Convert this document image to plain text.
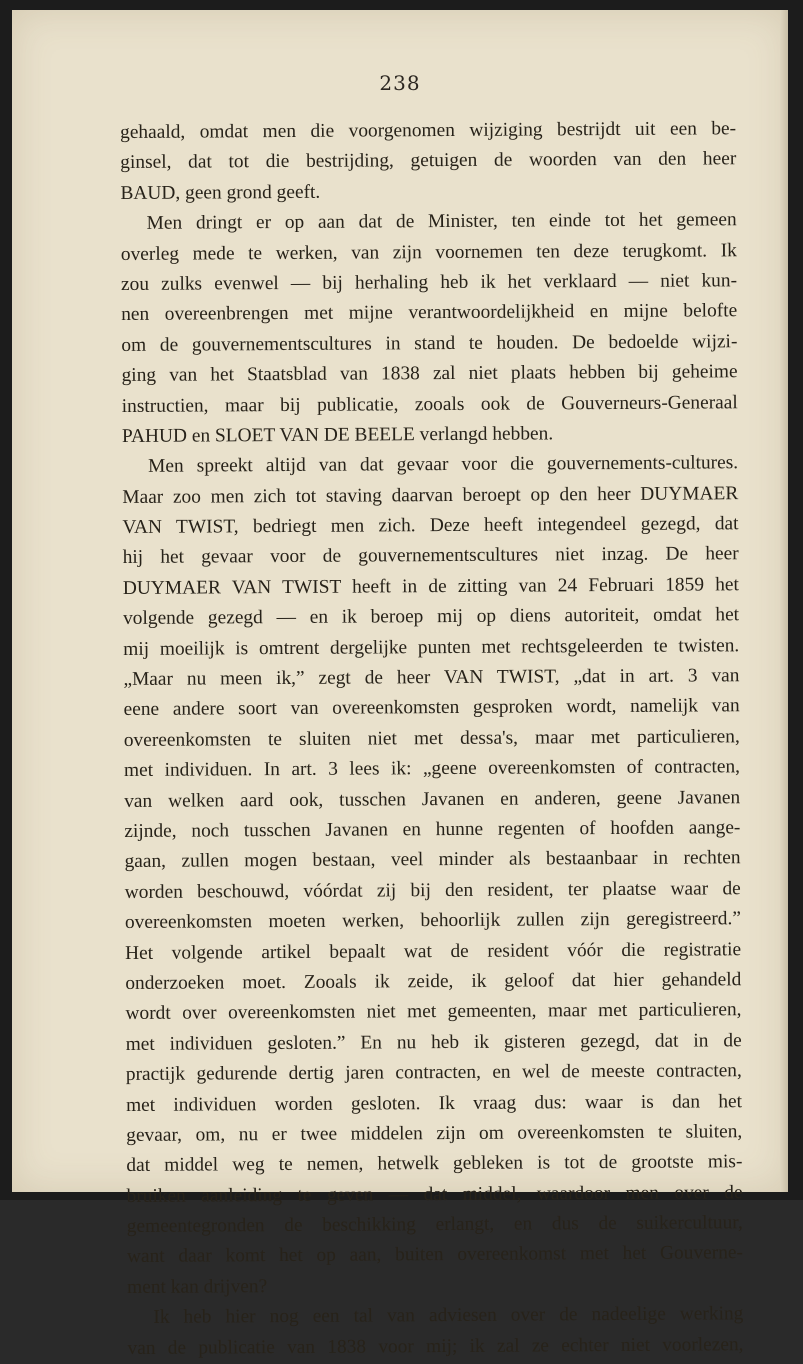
238
gehaald, omdat men die voorgenomen wijziging bestrijdt uit een be-
ginsel, dat tot die bestrijding, getuigen de woorden van den heer
BAUD, geen grond geeft.
Men dringt er op aan dat de Minister, ten einde tot het gemeen
overleg mede te werken, van zijn voornemen ten deze terugkomt. Ik
zou zulks evenwel — bij herhaling heb ik het verklaard — niet kun-
nen overeenbrengen met mijne verantwoordelijkheid en mijne belofte
om de gouvernementscultures in stand te houden. De bedoelde wijzi-
ging van het Staatsblad van 1838 zal niet plaats hebben bij geheime
instructien, maar bij publicatie, zooals ook de Gouverneurs-Generaal
PAHUD en SLOET VAN DE BEELE verlangd hebben.
Men spreekt altijd van dat gevaar voor die gouvernements-cultures.
Maar zoo men zich tot staving daarvan beroept op den heer DUYMAER
VAN TWIST, bedriegt men zich. Deze heeft integendeel gezegd, dat
hij het gevaar voor de gouvernementscultures niet inzag. De heer
DUYMAER VAN TWIST heeft in de zitting van 24 Februari 1859 het
volgende gezegd — en ik beroep mij op diens autoriteit, omdat het
mij moeilijk is omtrent dergelijke punten met rechtsgeleerden te twisten.
„Maar nu meen ik,” zegt de heer VAN TWIST, „dat in art. 3 van
eene andere soort van overeenkomsten gesproken wordt, namelijk van
overeenkomsten te sluiten niet met dessa's, maar met particulieren,
met individuen. In art. 3 lees ik: „geene overeenkomsten of contracten,
van welken aard ook, tusschen Javanen en anderen, geene Javanen
zijnde, noch tusschen Javanen en hunne regenten of hoofden aange-
gaan, zullen mogen bestaan, veel minder als bestaanbaar in rechten
worden beschouwd, vóórdat zij bij den resident, ter plaatse waar de
overeenkomsten moeten werken, behoorlijk zullen zijn geregistreerd.”
Het volgende artikel bepaalt wat de resident vóór die registratie
onderzoeken moet. Zooals ik zeide, ik geloof dat hier gehandeld
wordt over overeenkomsten niet met gemeenten, maar met particulieren,
met individuen gesloten.” En nu heb ik gisteren gezegd, dat in de
practijk gedurende dertig jaren contracten, en wel de meeste contracten,
met individuen worden gesloten. Ik vraag dus: waar is dan het
gevaar, om, nu er twee middelen zijn om overeenkomsten te sluiten,
dat middel weg te nemen, hetwelk gebleken is tot de grootste mis-
bruiken aanleiding te geven — dat middel, waardoor men over de
gemeentegronden de beschikking erlangt, en dus de suikercultuur,
want daar komt het op aan, buiten overeenkomst met het Gouverne-
ment kan drijven?
Ik heb hier nog een tal van adviesen over de nadeelige werking
van de publicatie van 1838 voor mij; ik zal ze echter niet voorlezen,
